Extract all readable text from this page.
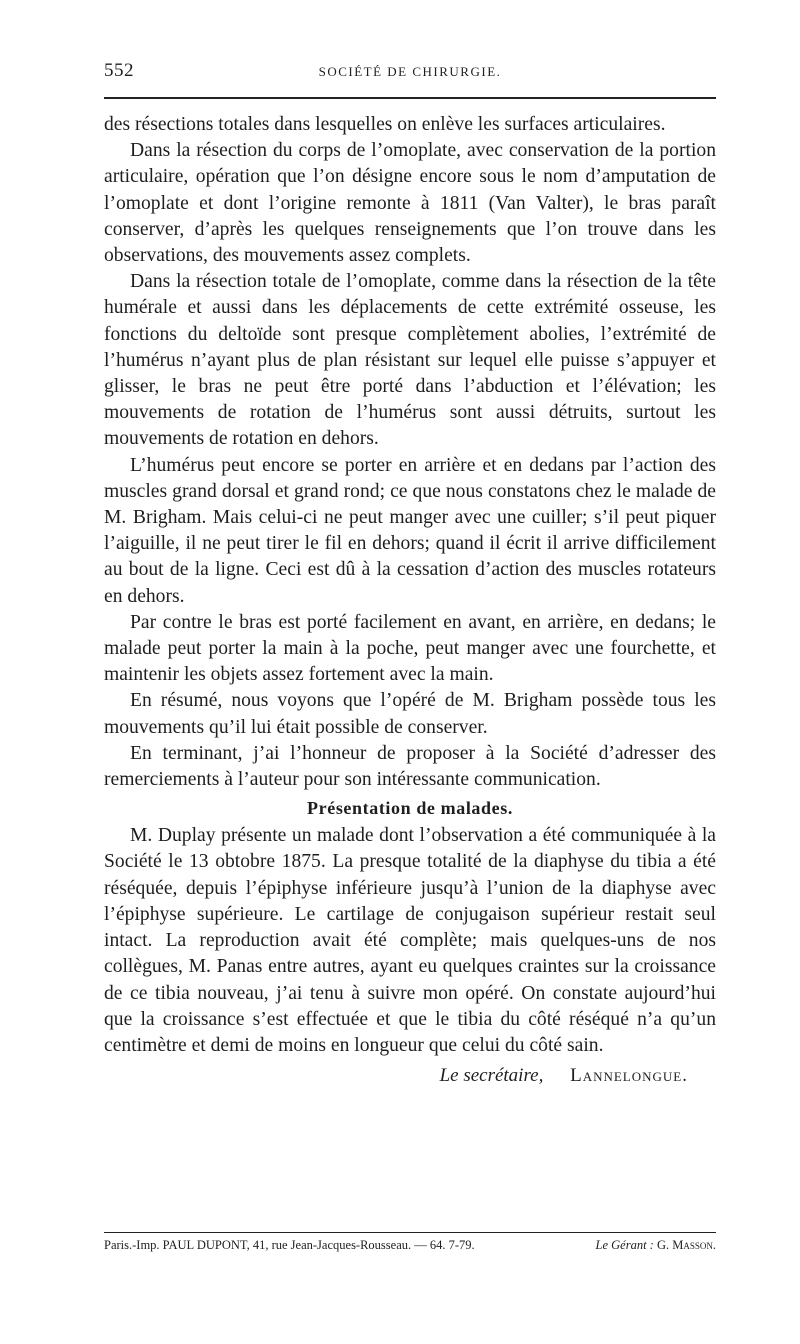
552	SOCIÉTÉ DE CHIRURGIE.

des résections totales dans lesquelles on enlève les surfaces articulaires.

Dans la résection du corps de l’omoplate, avec conservation de la portion articulaire, opération que l’on désigne encore sous le nom d’amputation de l’omoplate et dont l’origine remonte à 1811 (Van Valter), le bras paraît conserver, d’après les quelques renseignements que l’on trouve dans les observations, des mouvements assez complets.

Dans la résection totale de l’omoplate, comme dans la résection de la tête humérale et aussi dans les déplacements de cette extrémité osseuse, les fonctions du deltoïde sont presque complètement abolies, l’extrémité de l’humérus n’ayant plus de plan résistant sur lequel elle puisse s’appuyer et glisser, le bras ne peut être porté dans l’abduction et l’élévation; les mouvements de rotation de l’humérus sont aussi détruits, surtout les mouvements de rotation en dehors.

L’humérus peut encore se porter en arrière et en dedans par l’action des muscles grand dorsal et grand rond; ce que nous constatons chez le malade de M. Brigham. Mais celui-ci ne peut manger avec une cuiller; s’il peut piquer l’aiguille, il ne peut tirer le fil en dehors; quand il écrit il arrive difficilement au bout de la ligne. Ceci est dû à la cessation d’action des muscles rotateurs en dehors.

Par contre le bras est porté facilement en avant, en arrière, en dedans; le malade peut porter la main à la poche, peut manger avec une fourchette, et maintenir les objets assez fortement avec la main.

En résumé, nous voyons que l’opéré de M. Brigham possède tous les mouvements qu’il lui était possible de conserver.

En terminant, j’ai l’honneur de proposer à la Société d’adresser des remerciements à l’auteur pour son intéressante communication.

Présentation de malades.

M. Duplay présente un malade dont l’observation a été communiquée à la Société le 13 obtobre 1875. La presque totalité de la diaphyse du tibia a été réséquée, depuis l’épiphyse inférieure jusqu’à l’union de la diaphyse avec l’épiphyse supérieure. Le cartilage de conjugaison supérieur restait seul intact. La reproduction avait été complète; mais quelques-uns de nos collègues, M. Panas entre autres, ayant eu quelques craintes sur la croissance de ce tibia nouveau, j’ai tenu à suivre mon opéré. On constate aujourd’hui que la croissance s’est effectuée et que le tibia du côté réséqué n’a qu’un centimètre et demi de moins en longueur que celui du côté sain.

Le secrétaire, Lannelongue.

Paris.-Imp. PAUL DUPONT, 41, rue Jean-Jacques-Rousseau. — 64. 7-79.	Le Gérant : G. Masson.
